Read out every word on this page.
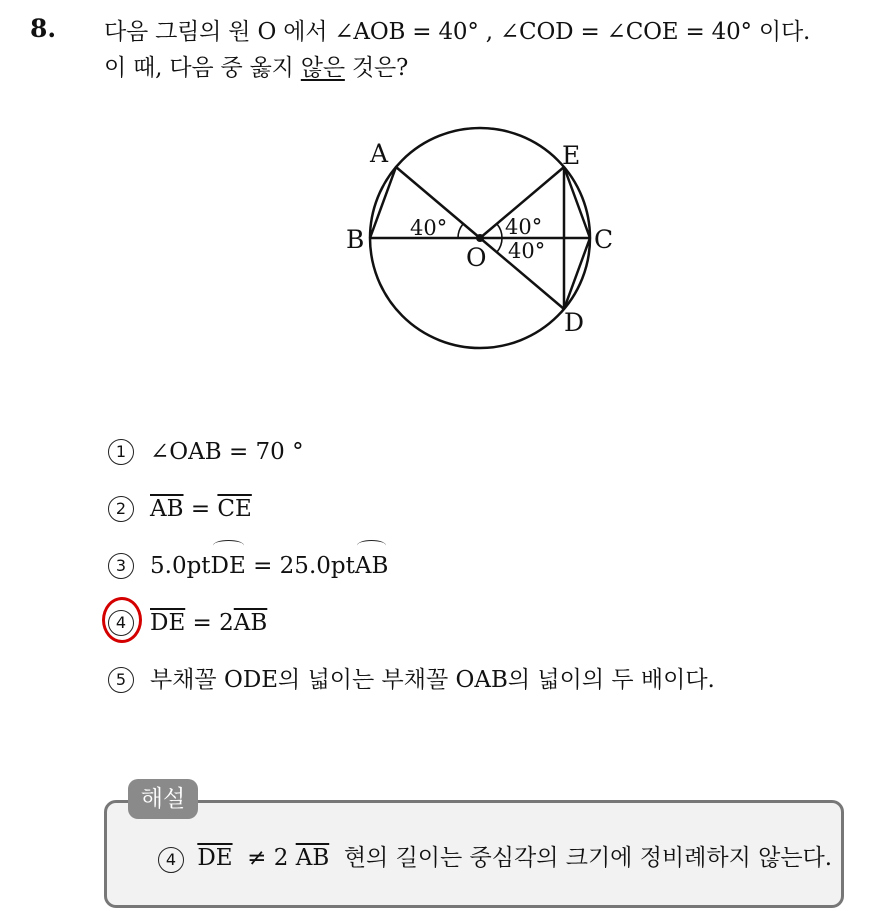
8. 다음 그림의 원 O 에서 ∠AOB = 40° , ∠COD = ∠COE = 40° 이다.
이 때, 다음 중 옳지 않은 것은?
A
B	C
D
E
O
40°	40°
40°
1	∠OAB = 70 °
2	$\overline{AB} = \overline{CE}$
3	5.0pt DE = 25.0pt AB
4	$\overline{DE} = 2$ $\overline{AB}$
5	부채꼴 ODE의 넓이는 부채꼴 OAB의 넓이의 두 배이다.
해설
4 $\overline{DE} \ne 2$ $\overline{AB}$  현의 길이는 중심각의 크기에 정비례하지 않는다.
